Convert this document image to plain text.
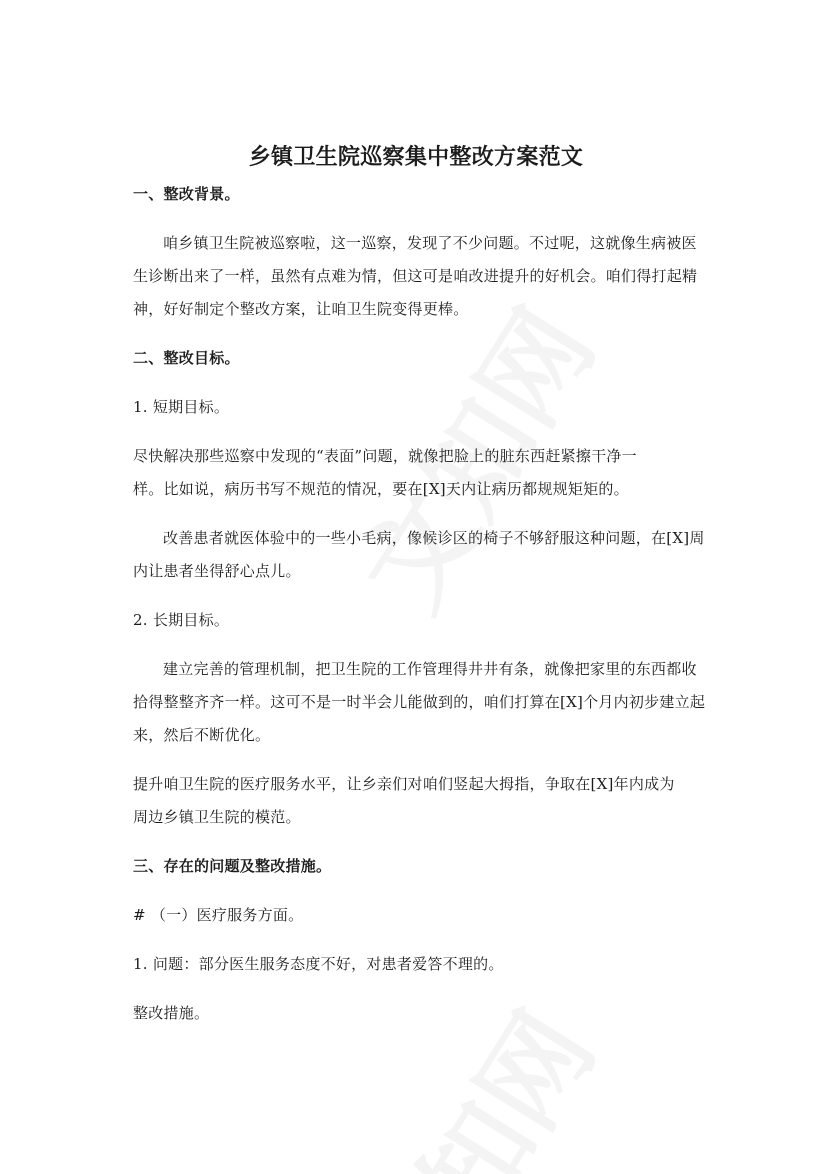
乡镇卫生院巡察集中整改方案范文
一、整改背景。
咱乡镇卫生院被巡察啦，这一巡察，发现了不少问题。不过呢，这就像生病被医
生诊断出来了一样，虽然有点难为情，但这可是咱改进提升的好机会。咱们得打起精
神，好好制定个整改方案，让咱卫生院变得更棒。
二、整改目标。
1. 短期目标。
尽快解决那些巡察中发现的“表面”问题，就像把脸上的脏东西赶紧擦干净一
样。比如说，病历书写不规范的情况，要在[X]天内让病历都规规矩矩的。
改善患者就医体验中的一些小毛病，像候诊区的椅子不够舒服这种问题，在[X]周
内让患者坐得舒心点儿。
2. 长期目标。
建立完善的管理机制，把卫生院的工作管理得井井有条，就像把家里的东西都收
拾得整整齐齐一样。这可不是一时半会儿能做到的，咱们打算在[X]个月内初步建立起
来，然后不断优化。
提升咱卫生院的医疗服务水平，让乡亲们对咱们竖起大拇指，争取在[X]年内成为
周边乡镇卫生院的模范。
三、存在的问题及整改措施。
# （一）医疗服务方面。
1. 问题：部分医生服务态度不好，对患者爱答不理的。
整改措施。
